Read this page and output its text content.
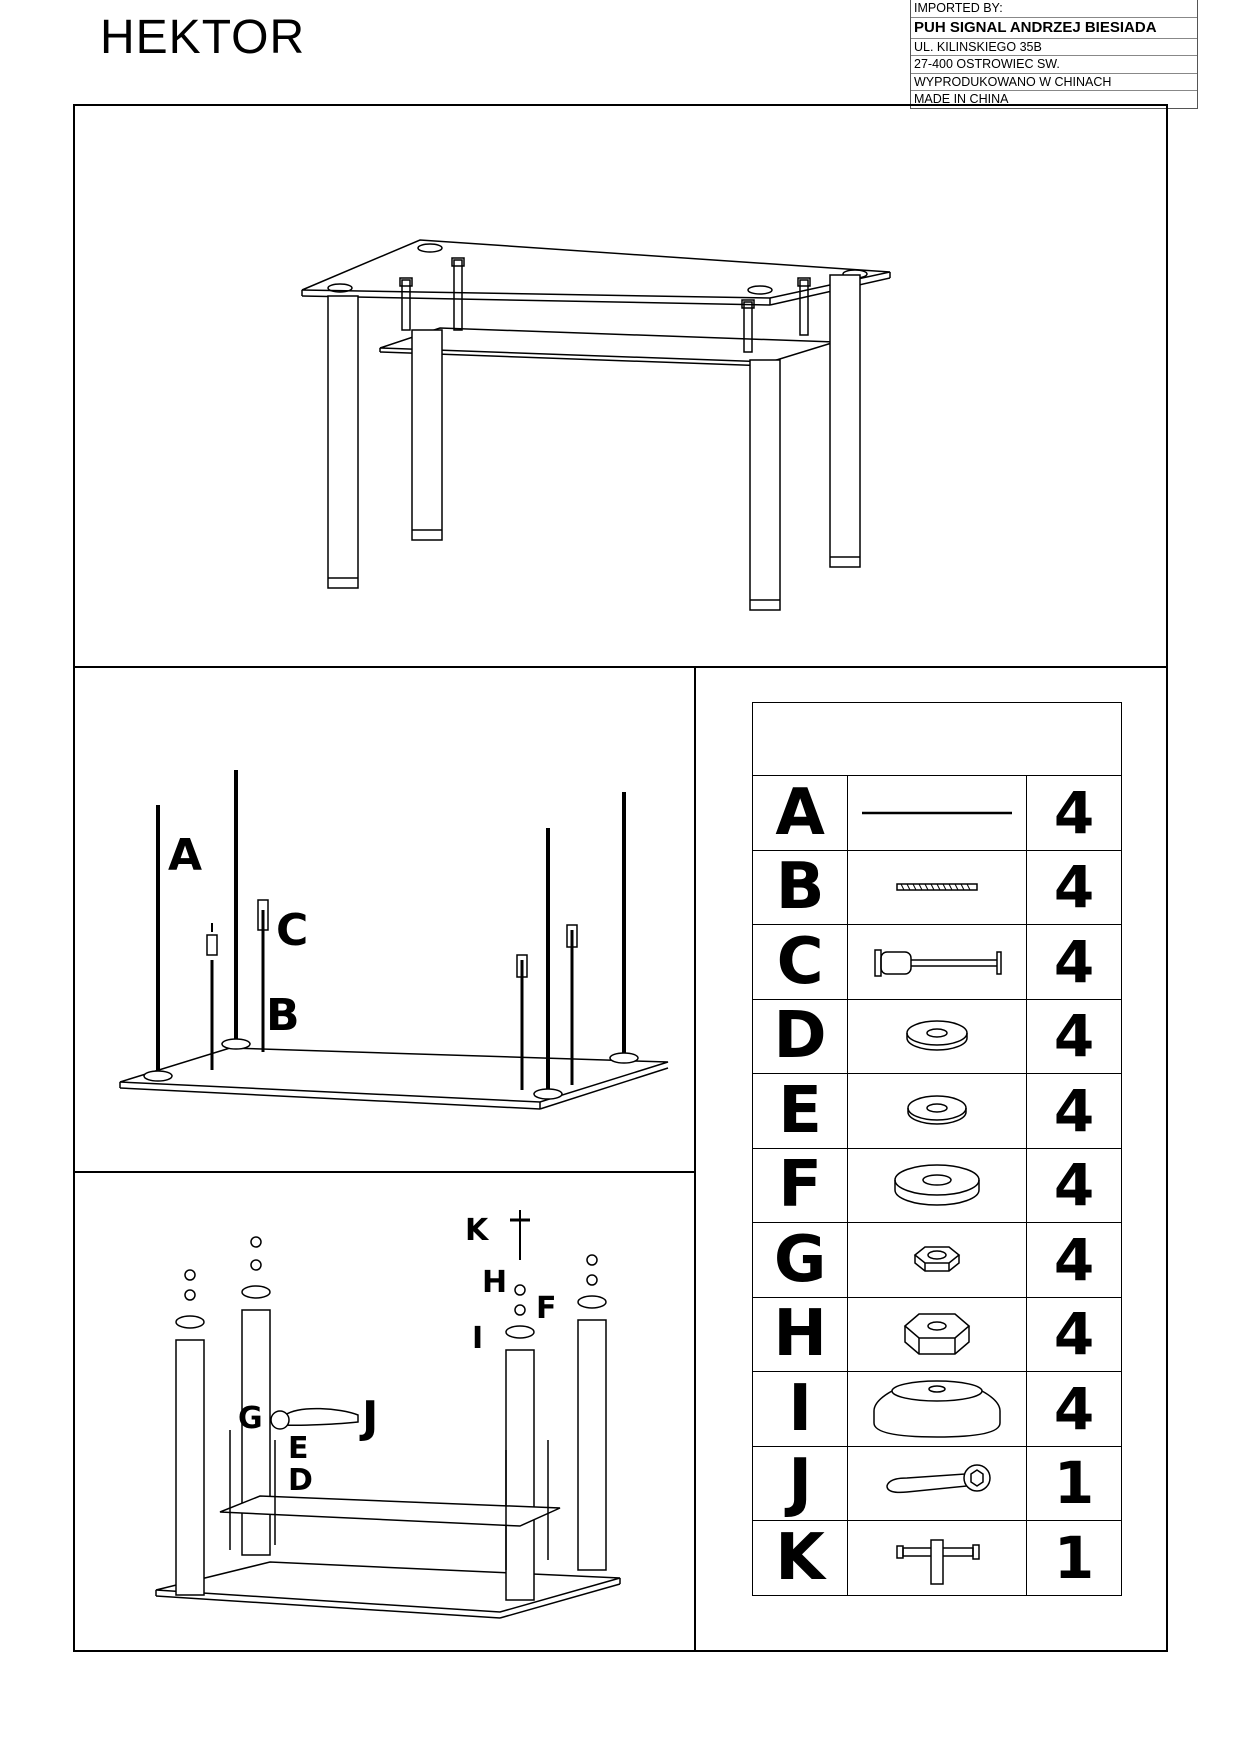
HEKTOR
IMPORTED BY:
PUH SIGNAL ANDRZEJ BIESIADA
UL. KILINSKIEGO 35B
27-400 OSTROWIEC SW.
WYPRODUKOWANO W CHINACH
MADE IN CHINA
A
C
B
K
H
F
I
G J
E
D

A		4
B		4
C		4
D		4
E		4
F		4
G		4
H		4
I		4
J		1
K		1
